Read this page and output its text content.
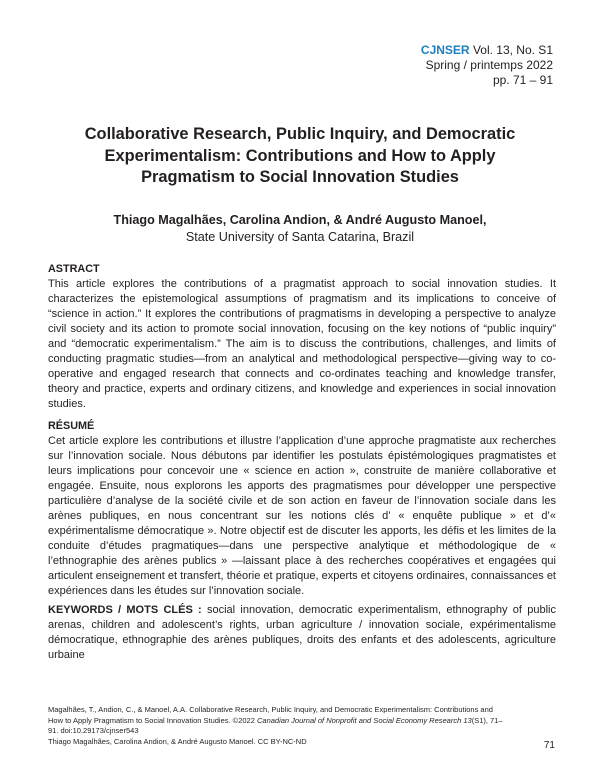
CJNSER Vol. 13, No. S1
Spring / printemps 2022
pp. 71 – 91
Collaborative Research, Public Inquiry, and Democratic
Experimentalism: Contributions and How to Apply
Pragmatism to Social Innovation Studies
Thiago Magalhães, Carolina Andion, & André Augusto Manoel,
State University of Santa Catarina, Brazil
ASTRACT

This article explores the contributions of a pragmatist approach to social innovation studies. It characterizes the epistemological assumptions of pragmatism and its implications to conceive of “science in action.” It explores the contributions of pragmatisms in developing a perspective to analyze civil society and its action to promote social innovation, focusing on the key notions of “public inquiry” and “democratic experimentalism.” The aim is to discuss the contributions, challenges, and limits of conducting pragmatic studies—from an analytical and methodological perspective—giving way to co-operative and engaged research that connects and co-ordinates teaching and knowledge transfer, theory and practice, experts and ordinary citizens, and knowledge and experiences in social innovation studies.

RÉSUMÉ

Cet article explore les contributions et illustre l’application d’une approche pragmatiste aux recherches sur l’innovation sociale. Nous débutons par identifier les postulats épistémologiques pragmatistes et leurs implications pour concevoir une « science en action », construite de manière collaborative et engagée. Ensuite, nous explorons les apports des pragmatismes pour développer une perspective particulière d’analyse de la société civile et de son action en faveur de l’innovation sociale dans les arènes publiques, en nous concentrant sur les notions clés d’ « enquête publique » et d’« expérimentalisme démocratique ». Notre objectif est de discuter les apports, les défis et les limites de la conduite d’études pragmatiques—dans une perspective analytique et méthodologique de « l’ethnographie des arènes publics » —laissant place à des recherches coopératives et engagées qui articulent enseignement et transfert, théorie et pratique, experts et citoyens ordinaires, connaissances et expériences dans les études sur l’innovation sociale.

KEYWORDS / MOTS CLÉS : social innovation, democratic experimentalism, ethnography of public arenas, children and adolescent’s rights, urban agriculture / innovation sociale, expérimentalisme démocratique, ethnographie des arènes publiques, droits des enfants et des adolescents, agriculture urbaine

Magalhães, T., Andion, C., & Manoel, A.A. Collaborative Research, Public Inquiry, and Democratic Experimentalism: Contributions and How to Apply Pragmatism to Social Innovation Studies. ©2022 Canadian Journal of Nonprofit and Social Economy Research 13(S1), 71–91. doi:10.29173/cjnser543
Thiago Magalhães, Carolina Andion, & André Augusto Manoel. CC BY-NC-ND	71
